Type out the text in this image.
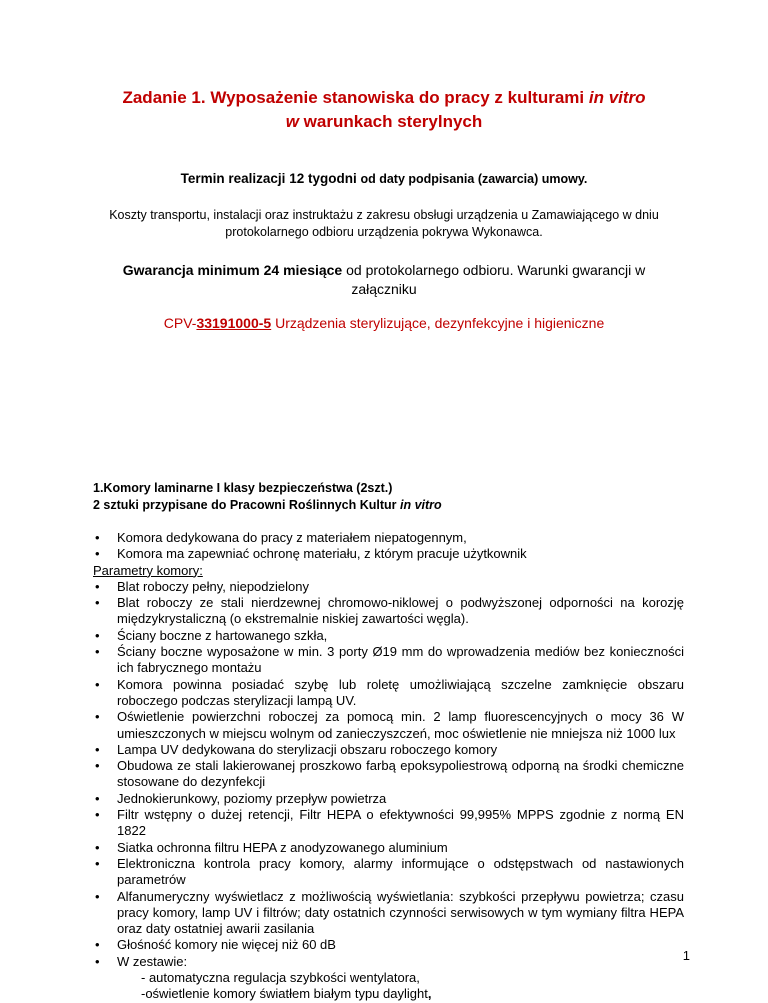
Zadanie 1. Wyposażenie stanowiska do pracy z kulturami in vitro
w warunkach sterylnych
Termin realizacji 12 tygodni od daty podpisania (zawarcia) umowy.
Koszty transportu, instalacji oraz instruktażu z zakresu obsługi urządzenia u Zamawiającego w dniu protokolarnego odbioru urządzenia pokrywa Wykonawca.
Gwarancja minimum 24 miesiące od protokolarnego odbioru. Warunki gwarancji w załączniku
CPV-33191000-5 Urządzenia sterylizujące, dezynfekcyjne i higieniczne
1.Komory laminarne I klasy bezpieczeństwa (2szt.)
2 sztuki przypisane do Pracowni Roślinnych Kultur in vitro
• Komora dedykowana do pracy z materiałem niepatogennym,
• Komora ma zapewniać ochronę materiału, z którym pracuje użytkownik
Parametry komory:
• Blat roboczy pełny, niepodzielony
• Blat roboczy ze stali nierdzewnej chromowo-niklowej o podwyższonej odporności na korozję międzykrystaliczną (o ekstremalnie niskiej zawartości węgla).
• Ściany boczne z hartowanego szkła,
• Ściany boczne wyposażone w min. 3 porty Ø19 mm do wprowadzenia mediów bez konieczności ich fabrycznego montażu
• Komora powinna posiadać szybę lub roletę umożliwiającą szczelne zamknięcie obszaru roboczego podczas sterylizacji lampą UV.
• Oświetlenie powierzchni roboczej za pomocą min. 2 lamp fluorescencyjnych o mocy 36 W umieszczonych w miejscu wolnym od zanieczyszczeń, moc oświetlenie nie mniejsza niż 1000 lux
• Lampa UV dedykowana do sterylizacji obszaru roboczego komory
• Obudowa ze stali lakierowanej proszkowo farbą epoksypoliestrową odporną na środki chemiczne stosowane do dezynfekcji
• Jednokierunkowy, poziomy przepływ powietrza
• Filtr wstępny o dużej retencji, Filtr HEPA o efektywności 99,995% MPPS zgodnie z normą EN 1822
• Siatka ochronna filtru HEPA z anodyzowanego aluminium
• Elektroniczna kontrola pracy komory, alarmy informujące o odstępstwach od nastawionych parametrów
• Alfanumeryczny wyświetlacz z możliwością wyświetlania: szybkości przepływu powietrza; czasu pracy komory, lamp UV i filtrów; daty ostatnich czynności serwisowych w tym wymiany filtra HEPA oraz daty ostatniej awarii zasilania
• Głośność komory nie więcej niż 60 dB
• W zestawie:
- automatyczna regulacja szybkości wentylatora,
-oświetlenie komory światłem białym typu daylight,
1
